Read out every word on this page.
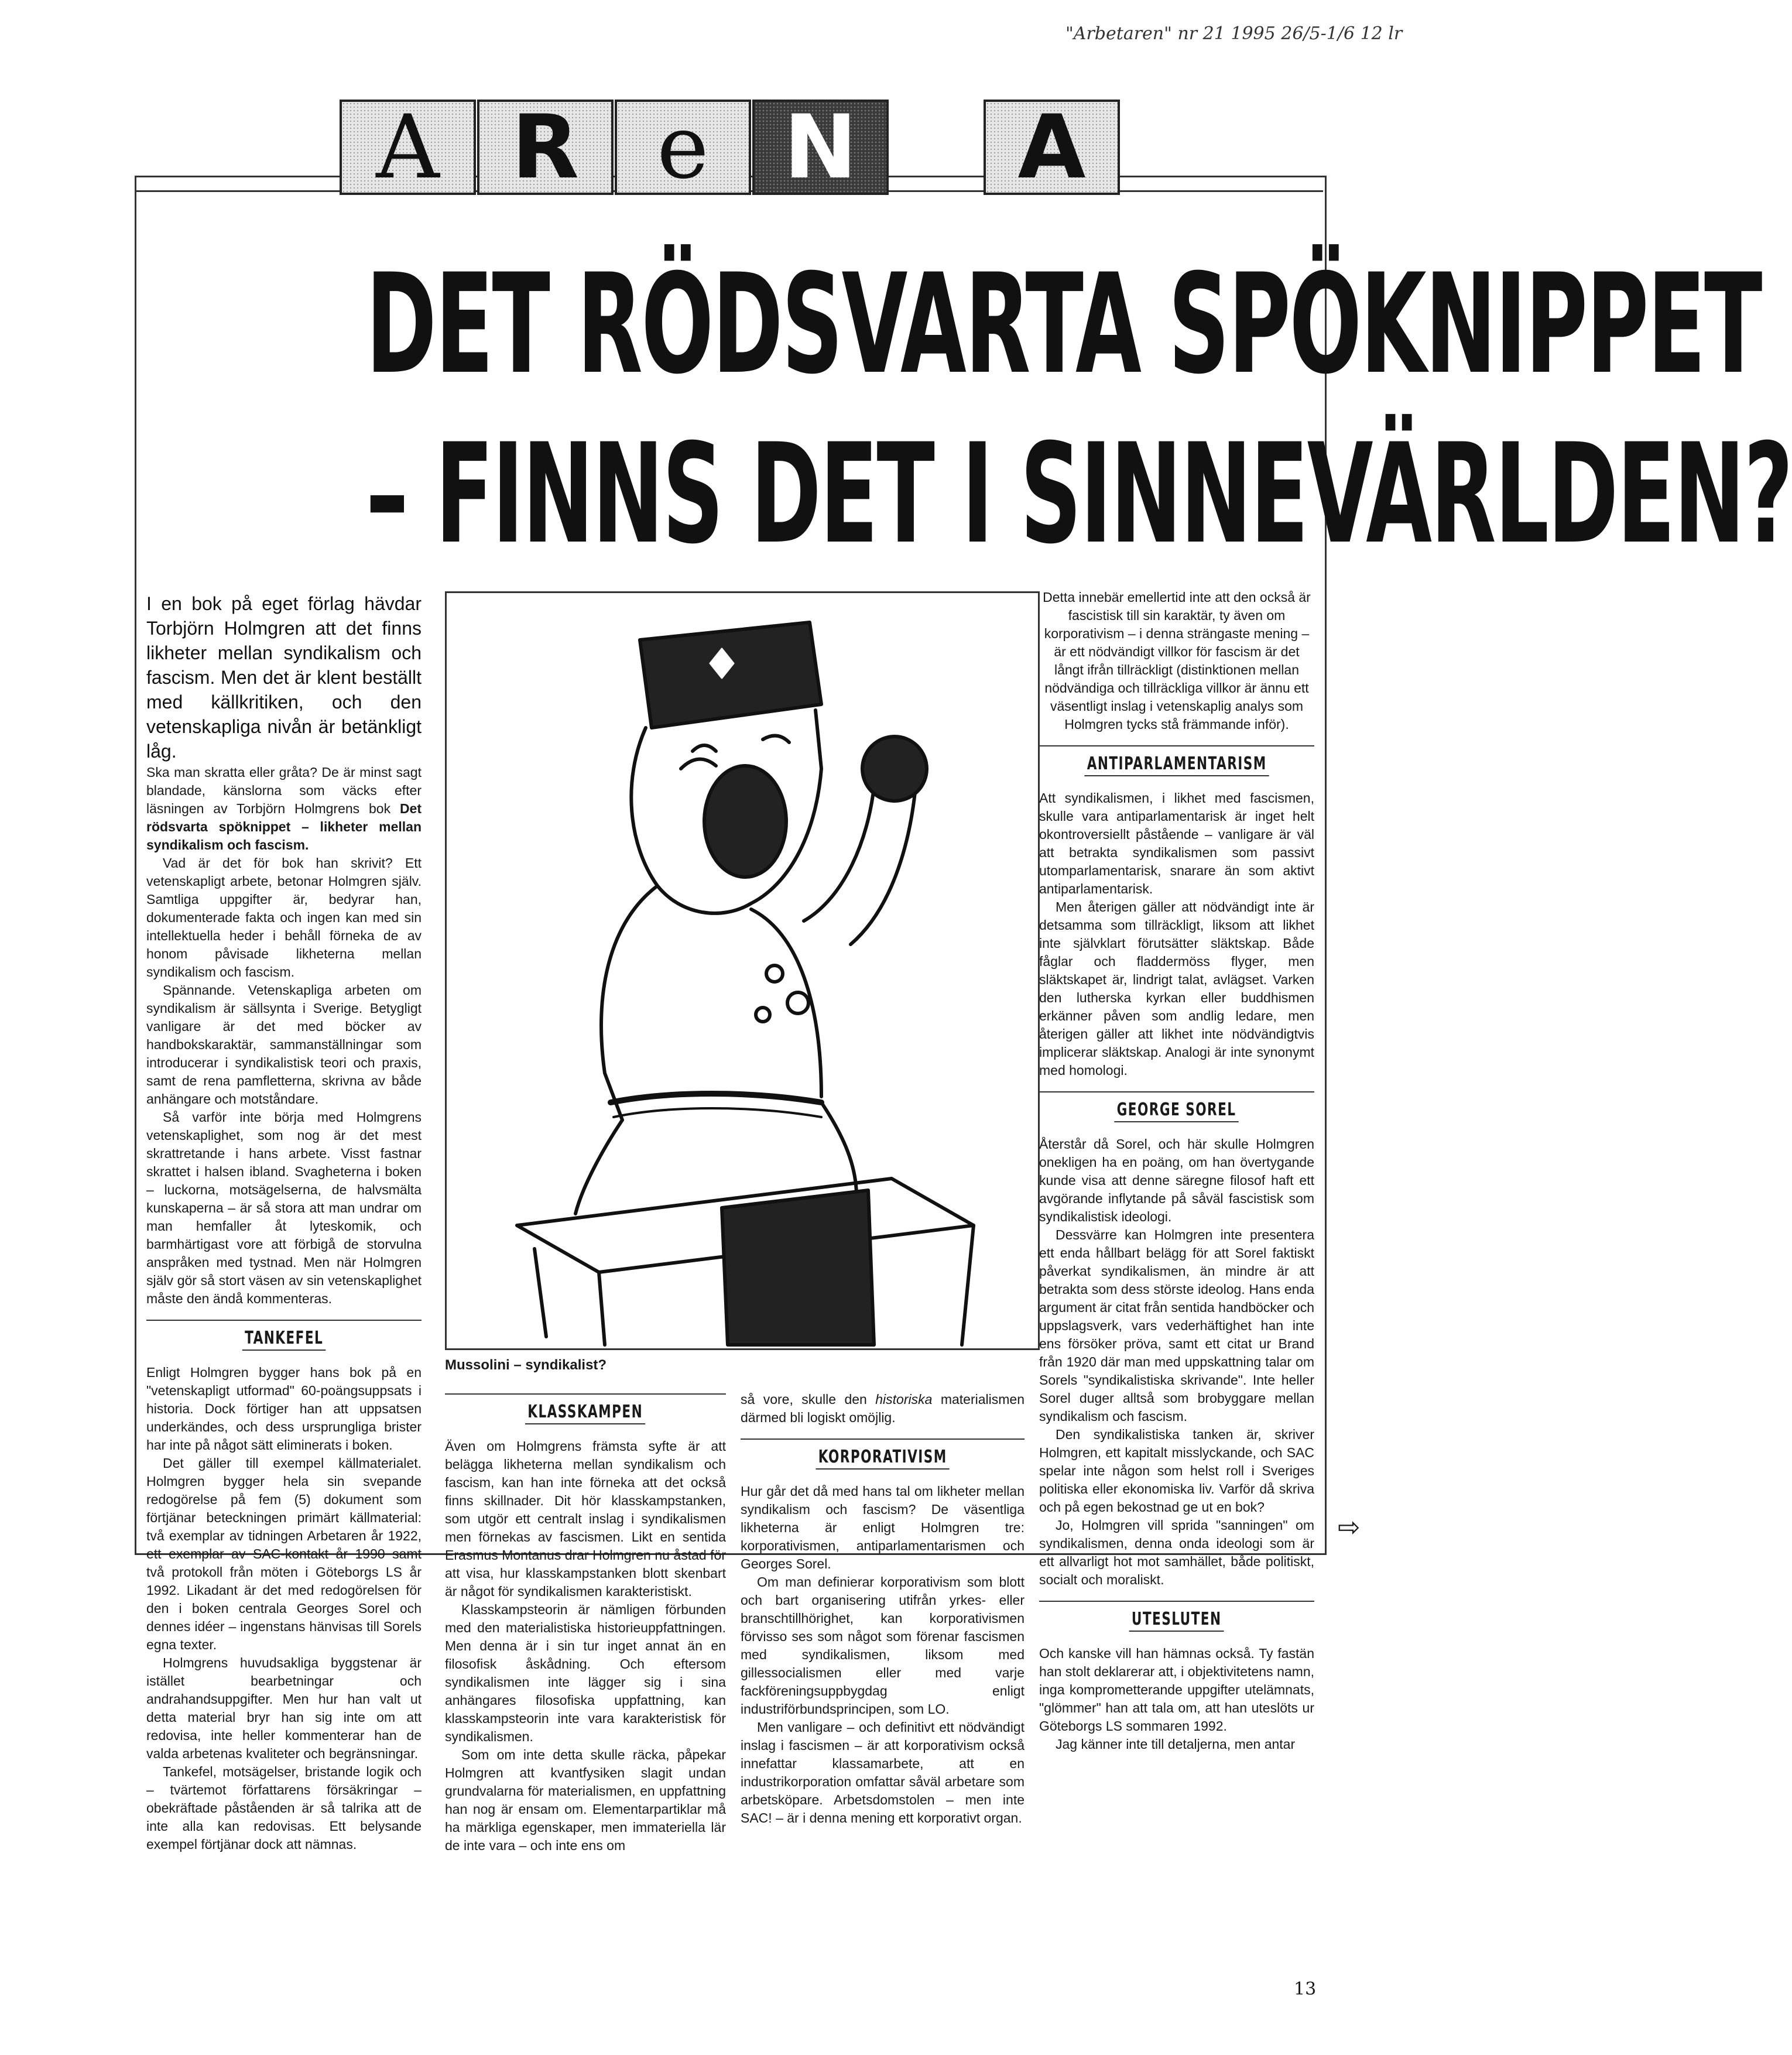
"Arbetaren" nr 21 1995 26/5-1/6 12 lr
A R e N	A
DET RÖDSVARTA SPÖKNIPPET
– FINNS DET I SINNEVÄRLDEN?

I en bok på eget förlag hävdar Torbjörn Holmgren att det finns likheter mellan syndikalism och fascism. Men det är klent beställt med källkritiken, och den vetenskapliga nivån är betänkligt låg.

Ska man skratta eller gråta? De är minst sagt blandade, känslorna som väcks efter läsningen av Torbjörn Holmgrens bok Det rödsvarta spöknippet – likheter mellan syndikalism och fascism.

Vad är det för bok han skrivit? Ett vetenskapligt arbete, betonar Holmgren själv. Samtliga uppgifter är, bedyrar han, dokumenterade fakta och ingen kan med sin intellektuella heder i behåll förneka de av honom påvisade likheterna mellan syndikalism och fascism.

Spännande. Vetenskapliga arbeten om syndikalism är sällsynta i Sverige. Betygligt vanligare är det med böcker av handbokskaraktär, sammanställningar som introducerar i syndikalistisk teori och praxis, samt de rena pamfletterna, skrivna av både anhängare och motståndare.

Så varför inte börja med Holmgrens vetenskaplighet, som nog är det mest skrattretande i hans arbete. Visst fastnar skrattet i halsen ibland. Svagheterna i boken – luckorna, motsägelserna, de halvsmälta kunskaperna – är så stora att man undrar om man hemfaller åt lyteskomik, och barmhärtigast vore att förbigå de storvulna anspråken med tystnad. Men när Holmgren själv gör så stort väsen av sin vetenskaplighet måste den ändå kommenteras.

TANKEFEL

Enligt Holmgren bygger hans bok på en "vetenskapligt utformad" 60-poängsuppsats i historia. Dock förtiger han att uppsatsen underkändes, och dess ursprungliga brister har inte på något sätt eliminerats i boken.

Det gäller till exempel källmaterialet. Holmgren bygger hela sin svepande redogörelse på fem (5) dokument som förtjänar beteckningen primärt källmaterial: två exemplar av tidningen Arbetaren år 1922, ett exemplar av SAC-kontakt år 1990 samt två protokoll från möten i Göteborgs LS år 1992. Likadant är det med redogörelsen för den i boken centrala Georges Sorel och dennes idéer – ingenstans hänvisas till Sorels egna texter.

Holmgrens huvudsakliga byggstenar är istället bearbetningar och andrahandsuppgifter. Men hur han valt ut detta material bryr han sig inte om att redovisa, inte heller kommenterar han de valda arbetenas kvaliteter och begränsningar.

Tankefel, motsägelser, bristande logik och – tvärtemot författarens försäkringar – obekräftade påståenden är så talrika att de inte alla kan redovisas. Ett belysande exempel förtjänar dock att nämnas.

Mussolini – syndikalist?
KLASSKAMPEN

Även om Holmgrens främsta syfte är att belägga likheterna mellan syndikalism och fascism, kan han inte förneka att det också finns skillnader. Dit hör klasskampstanken, som utgör ett centralt inslag i syndikalismen men förnekas av fascismen. Likt en sentida Erasmus Montanus drar Holmgren nu åstad för att visa, hur klasskampstanken blott skenbart är något för syndikalismen karakteristiskt.

Klasskampsteorin är nämligen förbunden med den materialistiska historieuppfattningen. Men denna är i sin tur inget annat än en filosofisk åskådning. Och eftersom syndikalismen inte lägger sig i sina anhängares filosofiska uppfattning, kan klasskampsteorin inte vara karakteristisk för syndikalismen.

Som om inte detta skulle räcka, påpekar Holmgren att kvantfysiken slagit undan grundvalarna för materialismen, en uppfattning han nog är ensam om. Elementarpartiklar må ha märkliga egenskaper, men immateriella lär de inte vara – och inte ens om

så vore, skulle den historiska materialismen därmed bli logiskt omöjlig.

KORPORATIVISM

Hur går det då med hans tal om likheter mellan syndikalism och fascism? De väsentliga likheterna är enligt Holmgren tre: korporativismen, antiparlamentarismen och Georges Sorel.

Om man definierar korporativism som blott och bart organisering utifrån yrkes- eller branschtillhörighet, kan korporativismen förvisso ses som något som förenar fascismen med syndikalismen, liksom med gillessocialismen eller med varje fackföreningsuppbygdag enligt industriförbundsprincipen, som LO.

Men vanligare – och definitivt ett nödvändigt inslag i fascismen – är att korporativism också innefattar klassamarbete, att en industrikorporation omfattar såväl arbetare som arbetsköpare. Arbetsdomstolen – men inte SAC! – är i denna mening ett korporativt organ.

Detta innebär emellertid inte att den också är fascistisk till sin karaktär, ty även om korporativism – i denna strängaste mening – är ett nödvändigt villkor för fascism är det långt ifrån tillräckligt (distinktionen mellan nödvändiga och tillräckliga villkor är ännu ett väsentligt inslag i vetenskaplig analys som Holmgren tycks stå främmande inför).

ANTIPARLAMENTARISM

Att syndikalismen, i likhet med fascismen, skulle vara antiparlamentarisk är inget helt okontroversiellt påstående – vanligare är väl att betrakta syndikalismen som passivt utomparlamentarisk, snarare än som aktivt antiparlamentarisk.

Men återigen gäller att nödvändigt inte är detsamma som tillräckligt, liksom att likhet inte självklart förutsätter släktskap. Både fåglar och fladdermöss flyger, men släktskapet är, lindrigt talat, avlägset. Varken den lutherska kyrkan eller buddhismen erkänner påven som andlig ledare, men återigen gäller att likhet inte nödvändigtvis implicerar släktskap. Analogi är inte synonymt med homologi.

GEORGE SOREL

Återstår då Sorel, och här skulle Holmgren onekligen ha en poäng, om han övertygande kunde visa att denne säregne filosof haft ett avgörande inflytande på såväl fascistisk som syndikalistisk ideologi.

Dessvärre kan Holmgren inte presentera ett enda hållbart belägg för att Sorel faktiskt påverkat syndikalismen, än mindre är att betrakta som dess störste ideolog. Hans enda argument är citat från sentida handböcker och uppslagsverk, vars vederhäftighet han inte ens försöker pröva, samt ett citat ur Brand från 1920 där man med uppskattning talar om Sorels "syndikalistiska skrivande". Inte heller Sorel duger alltså som brobyggare mellan syndikalism och fascism.

Den syndikalistiska tanken är, skriver Holmgren, ett kapitalt misslyckande, och SAC spelar inte någon som helst roll i Sveriges politiska eller ekonomiska liv. Varför då skriva och på egen bekostnad ge ut en bok?

Jo, Holmgren vill sprida "sanningen" om syndikalismen, denna onda ideologi som är ett allvarligt hot mot samhället, både politiskt, socialt och moraliskt.

UTESLUTEN

Och kanske vill han hämnas också. Ty fastän han stolt deklarerar att, i objektivitetens namn, inga komprometterande uppgifter utelämnats, "glömmer" han att tala om, att han uteslöts ur Göteborgs LS sommaren 1992.

Jag känner inte till detaljerna, men antar

⇨
13
